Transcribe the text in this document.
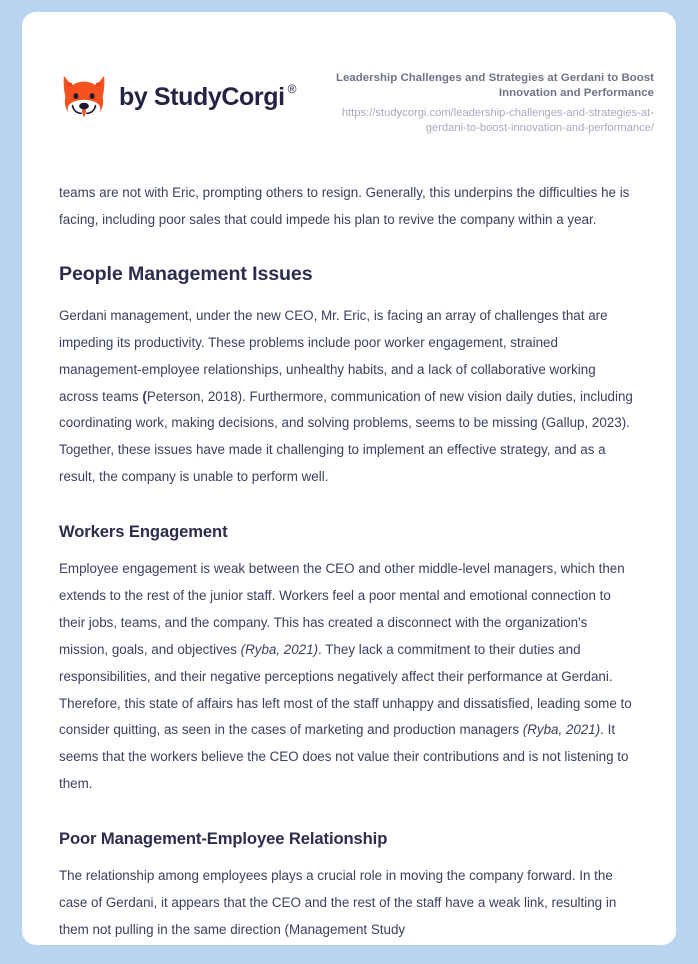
by StudyCorgi ®
Leadership Challenges and Strategies at Gerdani to Boost Innovation and Performance
https://studycorgi.com/leadership-challenges-and-strategies-at-gerdani-to-boost-innovation-and-performance/

teams are not with Eric, prompting others to resign. Generally, this underpins the difficulties he is facing, including poor sales that could impede his plan to revive the company within a year.

People Management Issues

Gerdani management, under the new CEO, Mr. Eric, is facing an array of challenges that are impeding its productivity. These problems include poor worker engagement, strained management-employee relationships, unhealthy habits, and a lack of collaborative working across teams (Peterson, 2018). Furthermore, communication of new vision daily duties, including coordinating work, making decisions, and solving problems, seems to be missing (Gallup, 2023). Together, these issues have made it challenging to implement an effective strategy, and as a result, the company is unable to perform well.

Workers Engagement

Employee engagement is weak between the CEO and other middle-level managers, which then extends to the rest of the junior staff. Workers feel a poor mental and emotional connection to their jobs, teams, and the company. This has created a disconnect with the organization's mission, goals, and objectives (Ryba, 2021). They lack a commitment to their duties and responsibilities, and their negative perceptions negatively affect their performance at Gerdani. Therefore, this state of affairs has left most of the staff unhappy and dissatisfied, leading some to consider quitting, as seen in the cases of marketing and production managers (Ryba, 2021). It seems that the workers believe the CEO does not value their contributions and is not listening to them.

Poor Management-Employee Relationship

The relationship among employees plays a crucial role in moving the company forward. In the case of Gerdani, it appears that the CEO and the rest of the staff have a weak link, resulting in them not pulling in the same direction (Management Study
